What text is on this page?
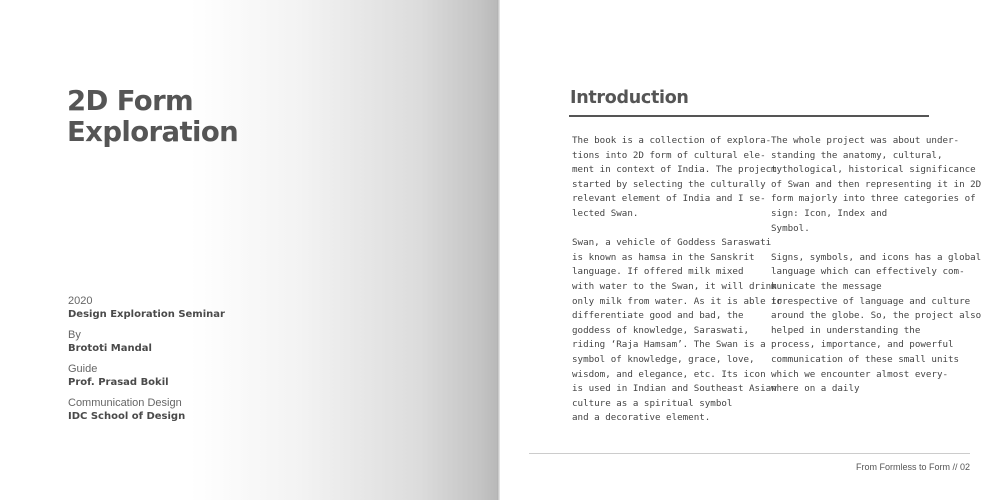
2D Form
Exploration
2020
Design Exploration Seminar
By
Brototi Mandal
Guide
Prof. Prasad Bokil
Communication Design
IDC School of Design
Introduction
The book is a collection of explora-
tions into 2D form of cultural ele-
ment in context of India. The project
started by selecting the culturally
relevant element of India and I se-
lected Swan.
Swan, a vehicle of Goddess Saraswati
is known as hamsa in the Sanskrit
language. If offered milk mixed
with water to the Swan, it will drink
only milk from water. As it is able to
differentiate good and bad, the
goddess of knowledge, Saraswati,
riding ‘Raja Hamsam’. The Swan is a
symbol of knowledge, grace, love,
wisdom, and elegance, etc. Its icon
is used in Indian and Southeast Asian
culture as a spiritual symbol
and a decorative element.
The whole project was about under-
standing the anatomy, cultural,
mythological, historical significance
of Swan and then representing it in 2D
form majorly into three categories of
sign: Icon, Index and
Symbol.
Signs, symbols, and icons has a global
language which can effectively com-
municate the message
irrespective of language and culture
around the globe. So, the project also
helped in understanding the
process, importance, and powerful
communication of these small units
which we encounter almost every-
where on a daily
From Formless to Form // 02
